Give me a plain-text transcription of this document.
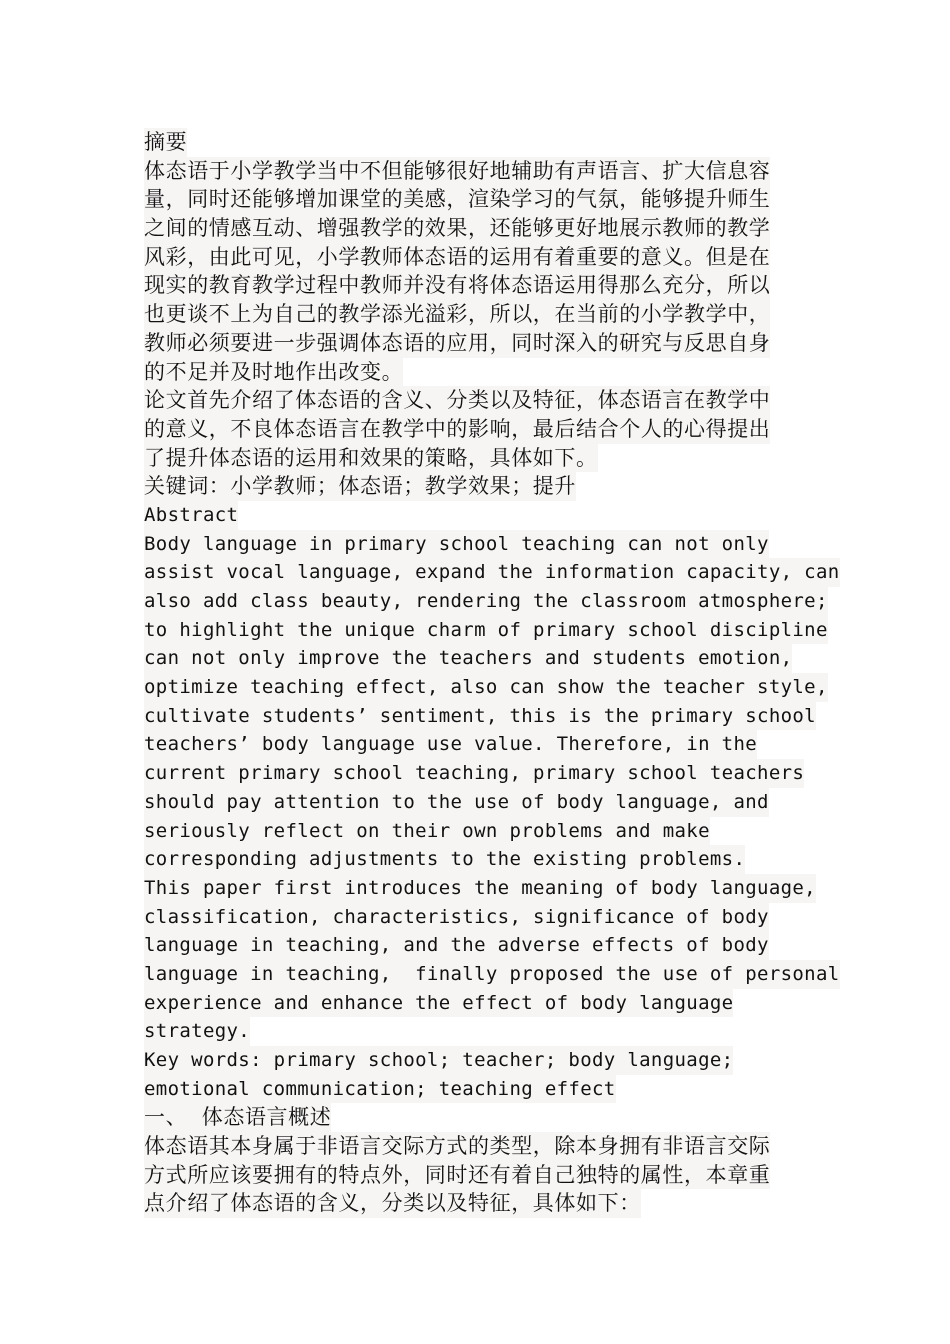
摘要
体态语于小学教学当中不但能够很好地辅助有声语言、扩大信息容
量，同时还能够增加课堂的美感，渲染学习的气氛，能够提升师生
之间的情感互动、增强教学的效果，还能够更好地展示教师的教学
风彩，由此可见，小学教师体态语的运用有着重要的意义。但是在
现实的教育教学过程中教师并没有将体态语运用得那么充分，所以
也更谈不上为自己的教学添光溢彩，所以，在当前的小学教学中，
教师必须要进一步强调体态语的应用，同时深入的研究与反思自身
的不足并及时地作出改变。
论文首先介绍了体态语的含义、分类以及特征，体态语言在教学中
的意义，不良体态语言在教学中的影响，最后结合个人的心得提出
了提升体态语的运用和效果的策略，具体如下。
关键词：小学教师；体态语；教学效果；提升
Abstract
Body language in primary school teaching can not only
assist vocal language, expand the information capacity, can
also add class beauty, rendering the classroom atmosphere;
to highlight the unique charm of primary school discipline
can not only improve the teachers and students emotion,
optimize teaching effect, also can show the teacher style,
cultivate students’ sentiment, this is the primary school
teachers’ body language use value. Therefore, in the
current primary school teaching, primary school teachers
should pay attention to the use of body language, and
seriously reflect on their own problems and make
corresponding adjustments to the existing problems.
This paper first introduces the meaning of body language,
classification, characteristics, significance of body
language in teaching, and the adverse effects of body
language in teaching,  finally proposed the use of personal
experience and enhance the effect of body language
strategy.
Key words: primary school; teacher; body language;
emotional communication; teaching effect
一、  体态语言概述
体态语其本身属于非语言交际方式的类型，除本身拥有非语言交际
方式所应该要拥有的特点外，同时还有着自己独特的属性，本章重
点介绍了体态语的含义，分类以及特征，具体如下：
